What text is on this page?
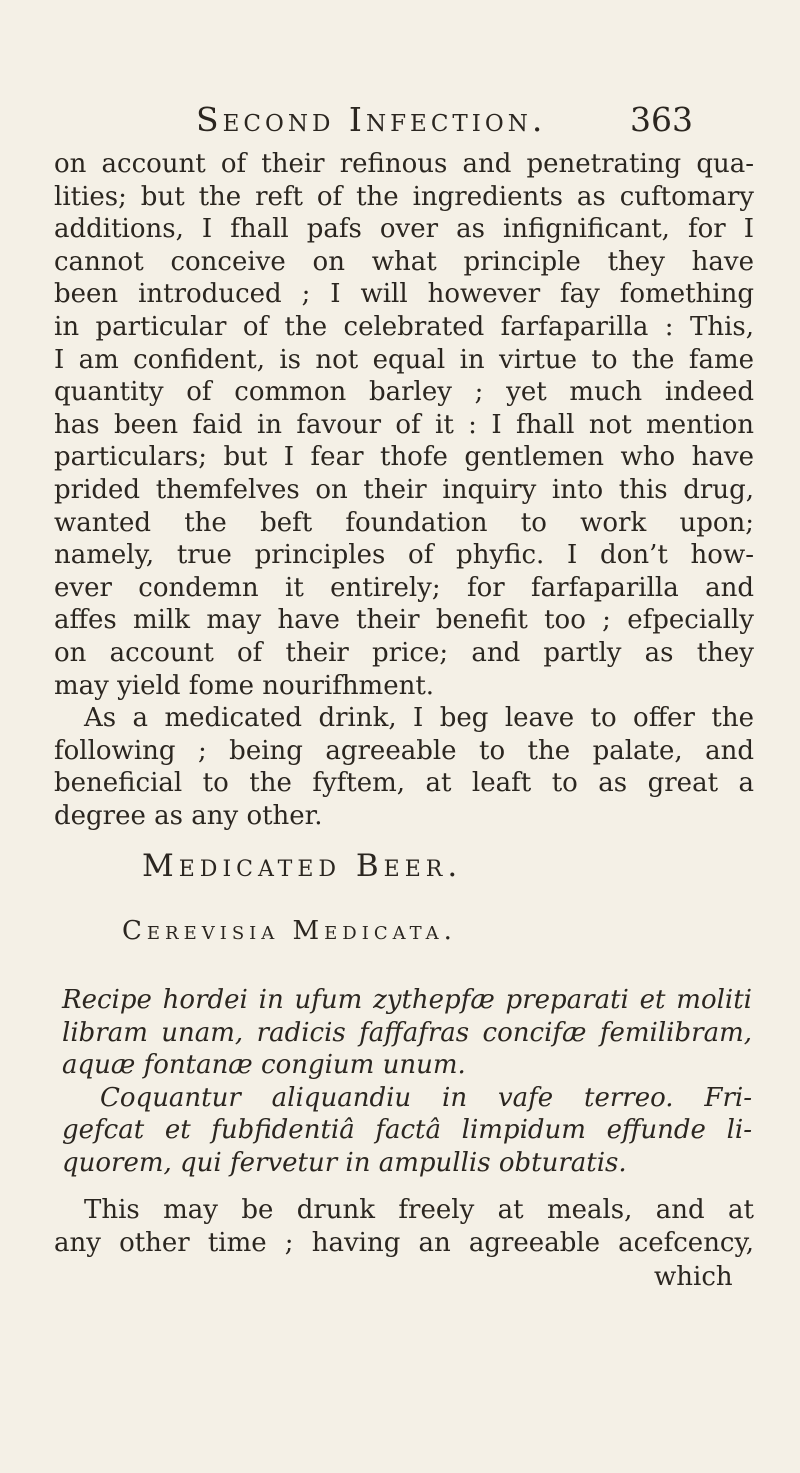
Second Infection.	363
on account of their refinous and penetrating qua-
lities; but the reft of the ingredients as cuftomary
additions, I fhall pafs over as infignificant, for I
cannot conceive on what principle they have
been introduced ; I will however fay fomething
in particular of the celebrated farfaparilla : This,
I am confident, is not equal in virtue to the fame
quantity of common barley ; yet much indeed
has been faid in favour of it : I fhall not mention
particulars; but I fear thofe gentlemen who have
prided themfelves on their inquiry into this drug,
wanted the beft foundation to work upon;
namely, true principles of phyfic. I don’t how-
ever condemn it entirely; for farfaparilla and
affes milk may have their benefit too ; efpecially
on account of their price; and partly as they
may yield fome nourifhment.
As a medicated drink, I beg leave to offer the
following ; being agreeable to the palate, and
beneficial to the fyftem, at leaft to as great a
degree as any other.
Medicated Beer.
Cerevisia Medicata.
Recipe hordei in ufum zythepfæ preparati et moliti
libram unam, radicis faffafras concifæ femilibram,
aquæ fontanæ congium unum.
Coquantur aliquandiu in vafe terreo. Fri-
gefcat et fubfidentiâ factâ limpidum effunde li-
quorem, qui fervetur in ampullis obturatis.
This may be drunk freely at meals, and at
any other time ; having an agreeable acefcency,
which
